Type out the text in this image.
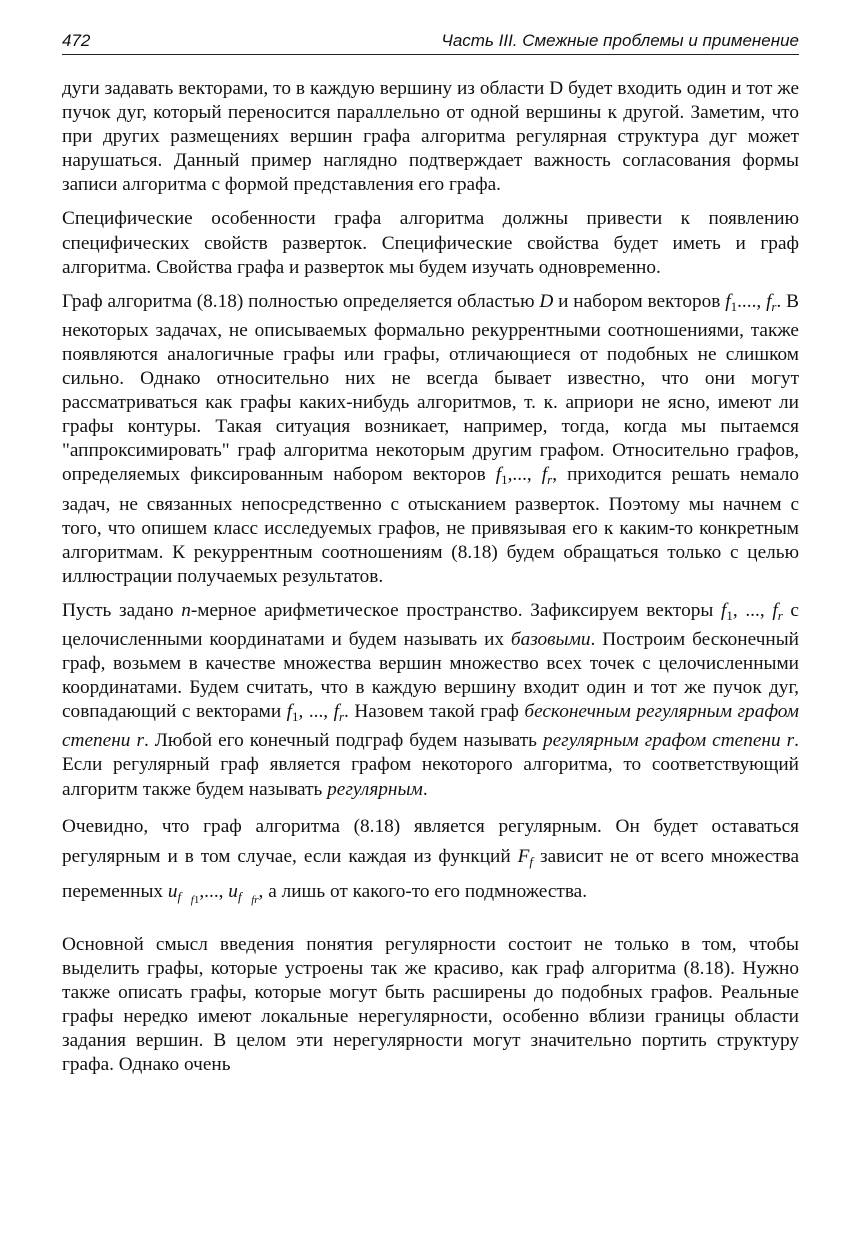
472	Часть III. Смежные проблемы и применение

дуги задавать векторами, то в каждую вершину из области D будет входить один и тот же пучок дуг, который переносится параллельно от одной вершины к другой. Заметим, что при других размещениях вершин графа алгоритма регулярная структура дуг может нарушаться. Данный пример наглядно подтверждает важность согласования формы записи алгоритма с формой представления его графа.

Специфические особенности графа алгоритма должны привести к появлению специфических свойств разверток. Специфические свойства будет иметь и граф алгоритма. Свойства графа и разверток мы будем изучать одновременно.

Граф алгоритма (8.18) полностью определяется областью D и набором векторов $f_1$...., $f_r$. В некоторых задачах, не описываемых формально рекуррентными соотношениями, также появляются аналогичные графы или графы, отличающиеся от подобных не слишком сильно. Однако относительно них не всегда бывает известно, что они могут рассматриваться как графы каких-нибудь алгоритмов, т. к. априори не ясно, имеют ли графы контуры. Такая ситуация возникает, например, тогда, когда мы пытаемся "аппроксимировать" граф алгоритма некоторым другим графом. Относительно графов, определяемых фиксированным набором векторов $f_1$,..., $f_r$, приходится решать немало задач, не связанных непосредственно с отысканием разверток. Поэтому мы начнем с того, что опишем класс исследуемых графов, не привязывая его к каким-то конкретным алгоритмам. К рекуррентным соотношениям (8.18) будем обращаться только с целью иллюстрации получаемых результатов.

Пусть задано n-мерное арифметическое пространство. Зафиксируем векторы $f_1$, ..., $f_r$ с целочисленными координатами и будем называть их базовыми. Построим бесконечный граф, возьмем в качестве множества вершин множество всех точек с целочисленными координатами. Будем считать, что в каждую вершину входит один и тот же пучок дуг, совпадающий с векторами $f_1$, ..., $f_r$. Назовем такой граф бесконечным регулярным графом степени r. Любой его конечный подграф будем называть регулярным графом степени r. Если регулярный граф является графом некоторого алгоритма, то соответствующий алгоритм также будем называть регулярным.

Очевидно, что граф алгоритма (8.18) является регулярным. Он будет оставаться регулярным и в том случае, если каждая из функций $F_f$ зависит не от всего множества переменных $u_f$ $_{f1}$,..., $u_f$ $_{fr}$, а лишь от какого-то его подмножества.

Основной смысл введения понятия регулярности состоит не только в том, чтобы выделить графы, которые устроены так же красиво, как граф алгоритма (8.18). Нужно также описать графы, которые могут быть расширены до подобных графов. Реальные графы нередко имеют локальные нерегулярности, особенно вблизи границы области задания вершин. В целом эти нерегулярности могут значительно портить структуру графа. Однако очень
